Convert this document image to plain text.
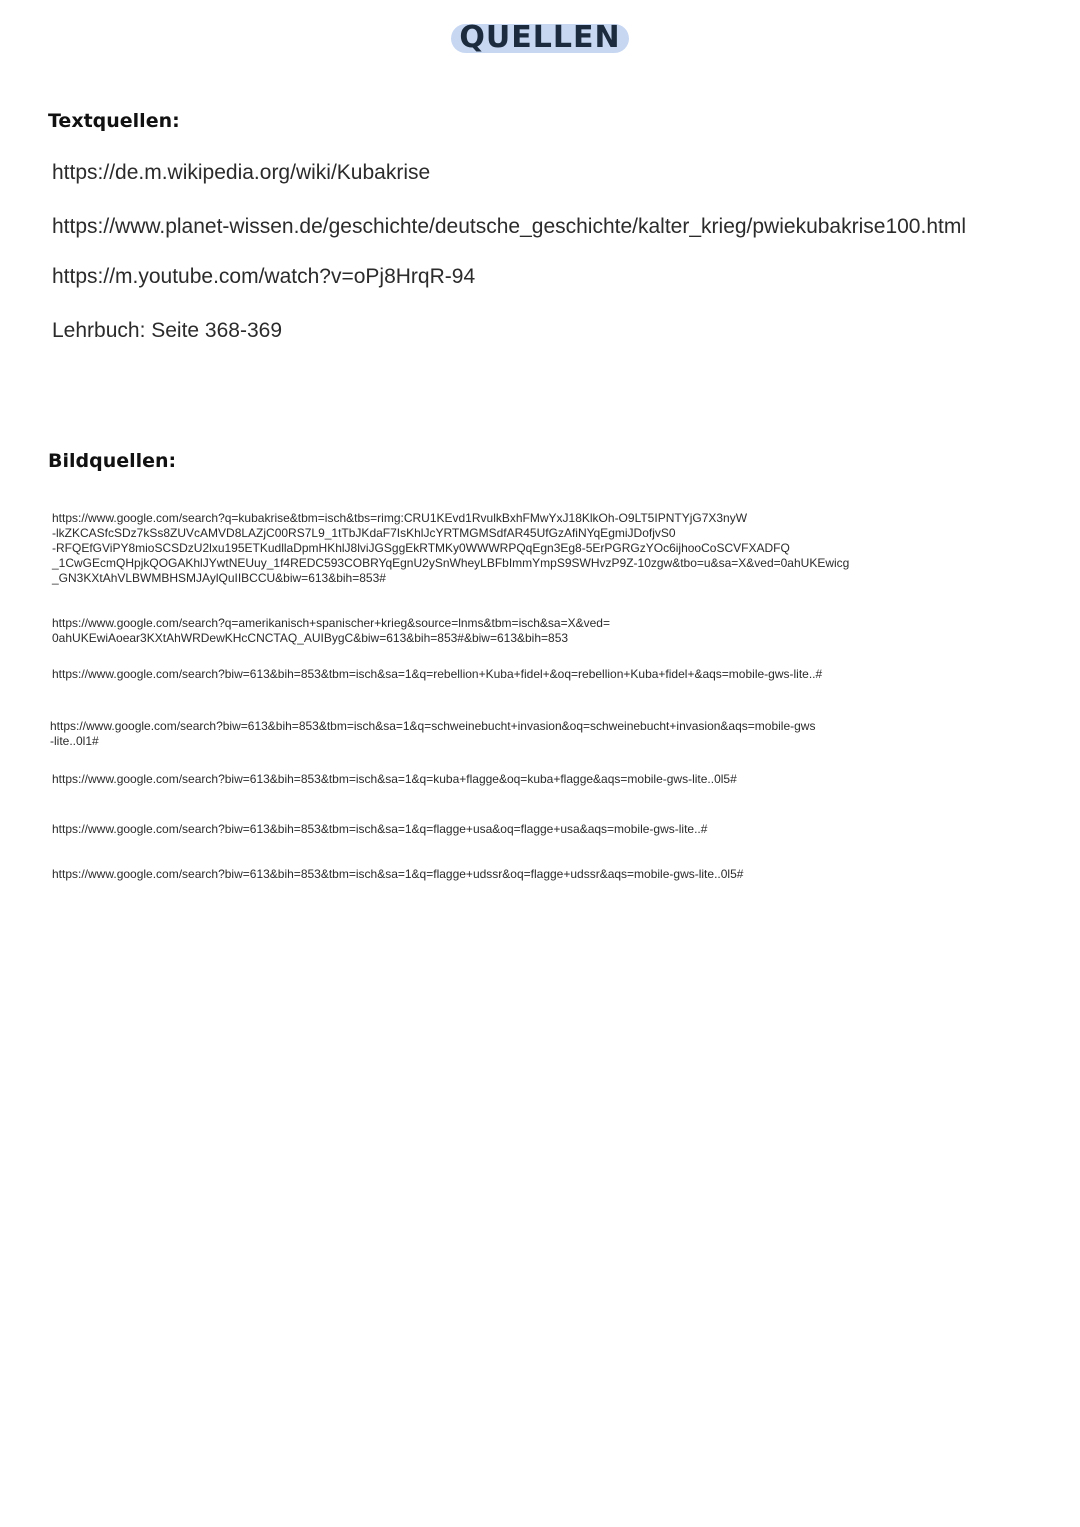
QUELLEN
Textquellen:
https://de.m.wikipedia.org/wiki/Kubakrise
https://www.planet-wissen.de/geschichte/deutsche_geschichte/kalter_krieg/pwiekubakrise100.html
https://m.youtube.com/watch?v=oPj8HrqR-94
Lehrbuch: Seite 368-369
Bildquellen:
https://www.google.com/search?q=kubakrise&tbm=isch&tbs=rimg:CRU1KEvd1RvulkBxhFMwYxJ18KlkOh-O9LT5IPNTYjG7X3nyW
-lkZKCASfcSDz7kSs8ZUVcAMVD8LAZjC00RS7L9_1tTbJKdaF7IsKhlJcYRTMGMSdfAR45UfGzAfiNYqEgmiJDofjvS0
-RFQEfGViPY8mioSCSDzU2lxu195ETKudllaDpmHKhlJ8lviJGSggEkRTMKy0WWWRPQqEgn3Eg8-5ErPGRGzYOc6ijhooCoSCVFXADFQ
_1CwGEcmQHpjkQOGAKhlJYwtNEUuy_1f4REDC593COBRYqEgnU2ySnWheyLBFbImmYmpS9SWHvzP9Z-10zgw&tbo=u&sa=X&ved=0ahUKEwicg
_GN3KXtAhVLBWMBHSMJAylQuIIBCCU&biw=613&bih=853#
https://www.google.com/search?q=amerikanisch+spanischer+krieg&source=lnms&tbm=isch&sa=X&ved=
0ahUKEwiAoear3KXtAhWRDewKHcCNCTAQ_AUIBygC&biw=613&bih=853#&biw=613&bih=853
https://www.google.com/search?biw=613&bih=853&tbm=isch&sa=1&q=rebellion+Kuba+fidel+&oq=rebellion+Kuba+fidel+&aqs=mobile-gws-lite..#
https://www.google.com/search?biw=613&bih=853&tbm=isch&sa=1&q=schweinebucht+invasion&oq=schweinebucht+invasion&aqs=mobile-gws
-lite..0l1#
https://www.google.com/search?biw=613&bih=853&tbm=isch&sa=1&q=kuba+flagge&oq=kuba+flagge&aqs=mobile-gws-lite..0l5#
https://www.google.com/search?biw=613&bih=853&tbm=isch&sa=1&q=flagge+usa&oq=flagge+usa&aqs=mobile-gws-lite..#
https://www.google.com/search?biw=613&bih=853&tbm=isch&sa=1&q=flagge+udssr&oq=flagge+udssr&aqs=mobile-gws-lite..0l5#
